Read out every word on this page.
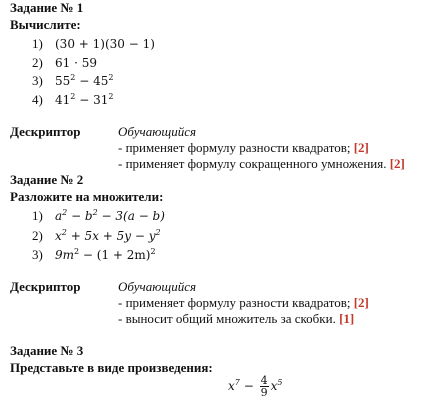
Задание № 1
Вычислите:
1) (30 + 1)(30 − 1)
2) 61 · 59
3) $55^2 - 45^2$
4) $41^2 - 31^2$
Дескриптор	Обучающийся
- применяет формулу разности квадратов; [2]
- применяет формулу сокращенного умножения. [2]
Задание № 2
Разложите на множители:
1) $a^2 - b^2 - 3(a - b)$
2) $x^2 + 5x + 5y - y^2$
3) $9m^2 - (1 + 2m)^2$
Дескриптор	Обучающийся
- применяет формулу разности квадратов; [2]
- выносит общий множитель за скобки. [1]
Задание № 3
Представьте в виде произведения:
$x^7 - \frac{4}{9} x^5$
